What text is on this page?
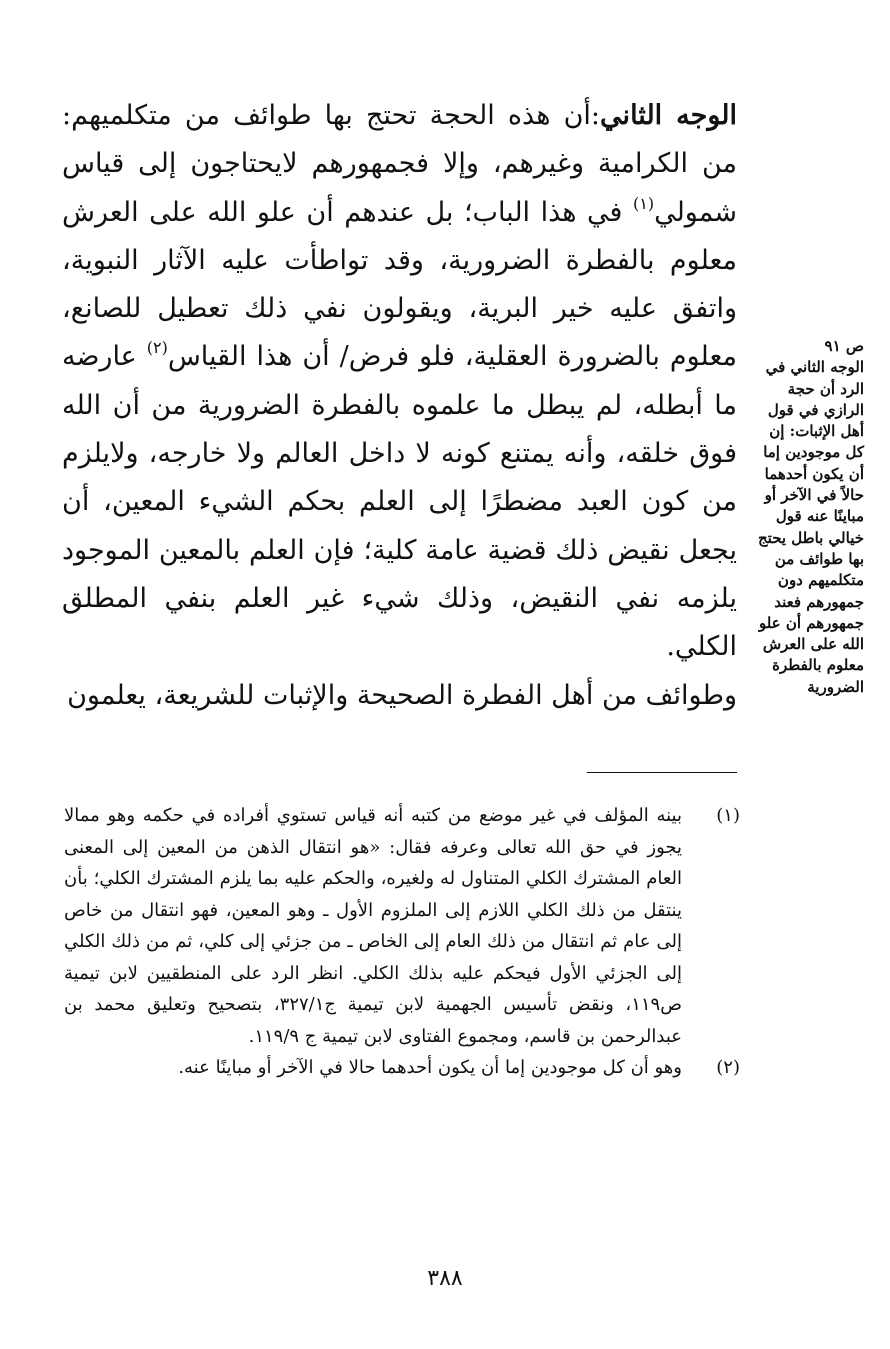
الوجه الثاني:أن هذه الحجة تحتج بها طوائف من متكلميهم: من الكرامية وغيرهم، وإلا فجمهورهم لايحتاجون إلى قياس شمولي$^{(١)}$ في هذا الباب؛ بل عندهم أن علو الله على العرش معلوم بالفطرة الضرورية، وقد تواطأت عليه الآثار النبوية، واتفق عليه خير البرية، ويقولون نفي ذلك تعطيل للصانع، معلوم بالضرورة العقلية، فلو فرض/ أن هذا القياس$^{(٢)}$ عارضه ما أبطله، لم يبطل ما علموه بالفطرة الضرورية من أن الله فوق خلقه، وأنه يمتنع كونه لا داخل العالم ولا خارجه، ولايلزم من كون العبد مضطرًا إلى العلم بحكم الشيء المعين، أن يجعل نقيض ذلك قضية عامة كلية؛ فإن العلم بالمعين الموجود يلزمه نفي النقيض، وذلك شيء غير العلم بنفي المطلق الكلي.

وطوائف من أهل الفطرة الصحيحة والإثبات للشريعة، يعلمون

ص ٩١
الوجه الثاني في الرد أن حجة الرازي في قول أهل الإثبات: إن كل موجودين إما أن يكون أحدهما حالاً في الآخر أو مباينًا عنه قول خيالي باطل يحتج بها طوائف من متكلميهم دون جمهورهم فعند جمهورهم أن علو الله على العرش معلوم بالفطرة الضرورية
(١)
بينه المؤلف في غير موضع من كتبه أنه قياس تستوي أفراده في حكمه وهو ممالا يجوز في حق الله تعالى وعرفه فقال: «هو انتقال الذهن من المعين إلى المعنى العام المشترك الكلي المتناول له ولغيره، والحكم عليه بما يلزم المشترك الكلي؛ بأن ينتقل من ذلك الكلي اللازم إلى الملزوم الأول ـ وهو المعين، فهو انتقال من خاص إلى عام ثم انتقال من ذلك العام إلى الخاص ـ من جزئي إلى كلي، ثم من ذلك الكلي إلى الجزئي الأول فيحكم عليه بذلك الكلي. انظر الرد على المنطقيين لابن تيمية ص١١٩، ونقض تأسيس الجهمية لابن تيمية ج٣٢٧/١، بتصحيح وتعليق محمد بن عبدالرحمن بن قاسم، ومجموع الفتاوى لابن تيمية ج ١١٩/٩.
(٢)
وهو أن كل موجودين إما أن يكون أحدهما حالا في الآخر أو مباينًا عنه.
٣٨٨
